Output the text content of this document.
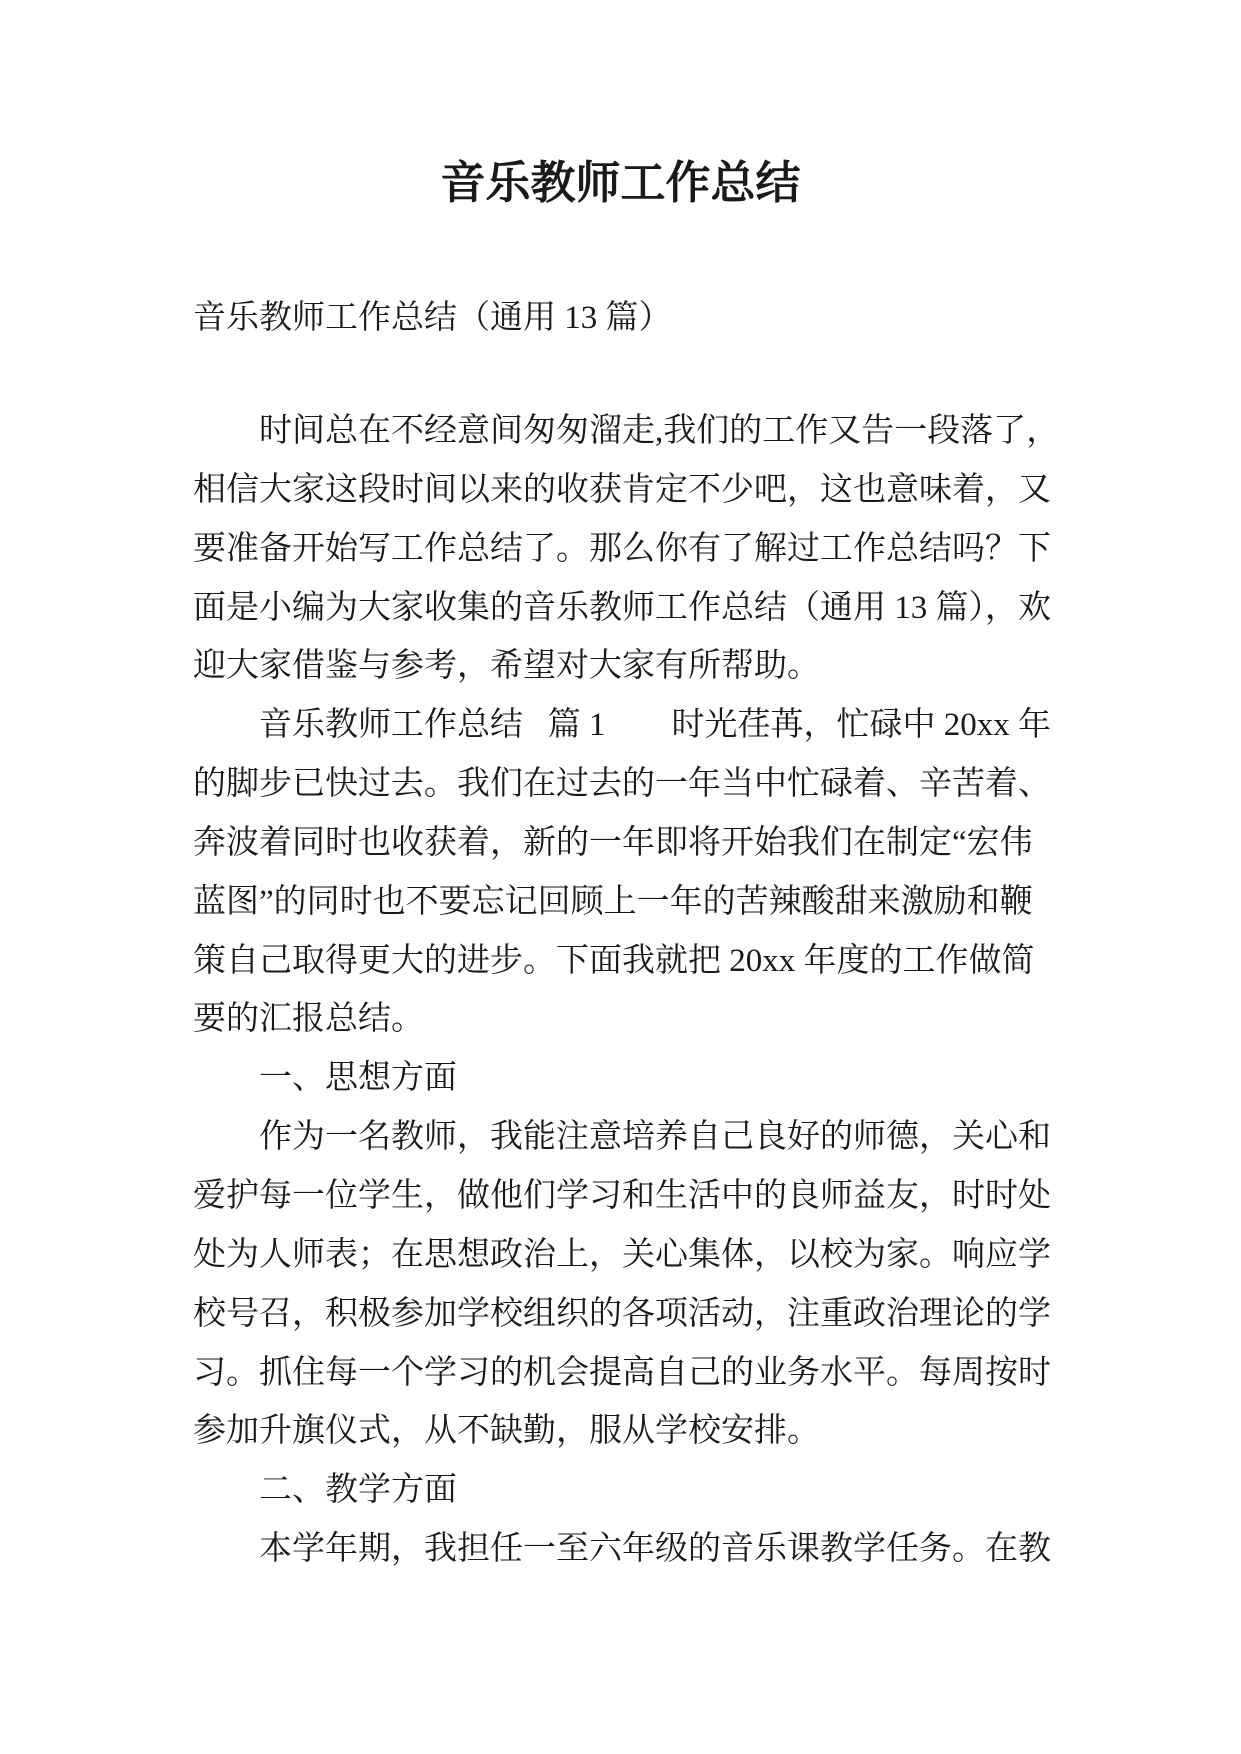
音乐教师工作总结
音乐教师工作总结（通用 13 篇）
时间总在不经意间匆匆溜走,我们的工作又告一段落了，
相信大家这段时间以来的收获肯定不少吧，这也意味着，又
要准备开始写工作总结了。那么你有了解过工作总结吗？下
面是小编为大家收集的音乐教师工作总结（通用 13 篇），欢
迎大家借鉴与参考，希望对大家有所帮助。
音乐教师工作总结   篇 1        时光荏苒，忙碌中 20xx 年
的脚步已快过去。我们在过去的一年当中忙碌着、辛苦着、
奔波着同时也收获着，新的一年即将开始我们在制定“宏伟
蓝图”的同时也不要忘记回顾上一年的苦辣酸甜来激励和鞭
策自己取得更大的进步。下面我就把 20xx 年度的工作做简
要的汇报总结。
一、思想方面
作为一名教师，我能注意培养自己良好的师德，关心和
爱护每一位学生，做他们学习和生活中的良师益友，时时处
处为人师表；在思想政治上，关心集体，以校为家。响应学
校号召，积极参加学校组织的各项活动，注重政治理论的学
习。抓住每一个学习的机会提高自己的业务水平。每周按时
参加升旗仪式，从不缺勤，服从学校安排。
二、教学方面
本学年期，我担任一至六年级的音乐课教学任务。在教
